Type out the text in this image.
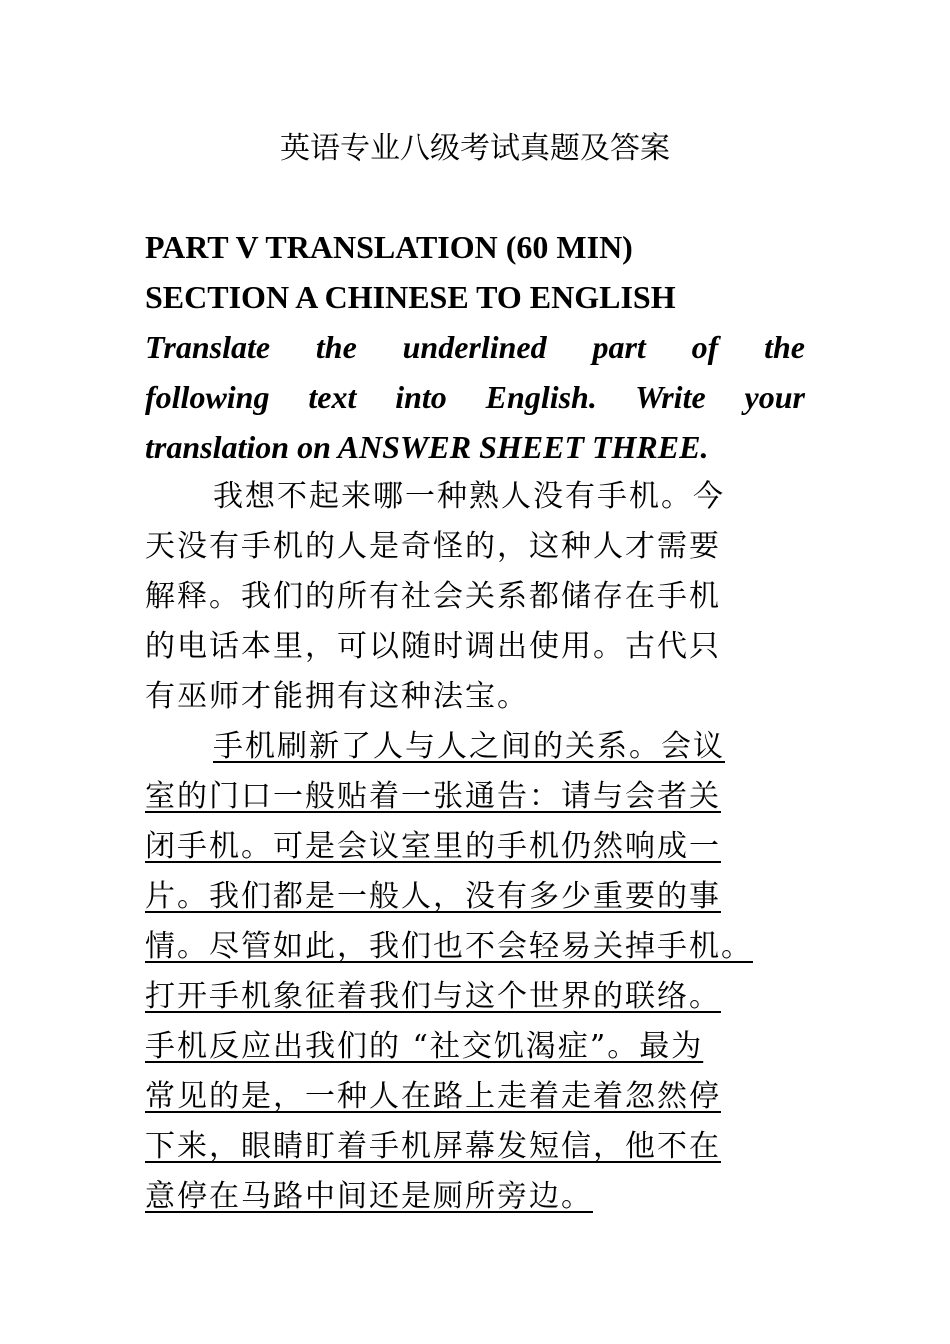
英语专业八级考试真题及答案
PART V TRANSLATION (60 MIN)
SECTION A CHINESE TO ENGLISH
Translate the underlined part of the
following text into English. Write your
translation on ANSWER SHEET THREE.
我想不起来哪一种熟人没有手机。今
天没有手机的人是奇怪的，这种人才需要
解释。我们的所有社会关系都储存在手机
的电话本里，可以随时调出使用。古代只
有巫师才能拥有这种法宝。
手机刷新了人与人之间的关系。会议
室的门口一般贴着一张通告：请与会者关
闭手机。可是会议室里的手机仍然响成一
片。我们都是一般人，没有多少重要的事
情。尽管如此，我们也不会轻易关掉手机。
打开手机象征着我们与这个世界的联络。
手机反应出我们的 “社交饥渴症”。最为
常见的是，一种人在路上走着走着忽然停
下来，眼睛盯着手机屏幕发短信，他不在
意停在马路中间还是厕所旁边。
